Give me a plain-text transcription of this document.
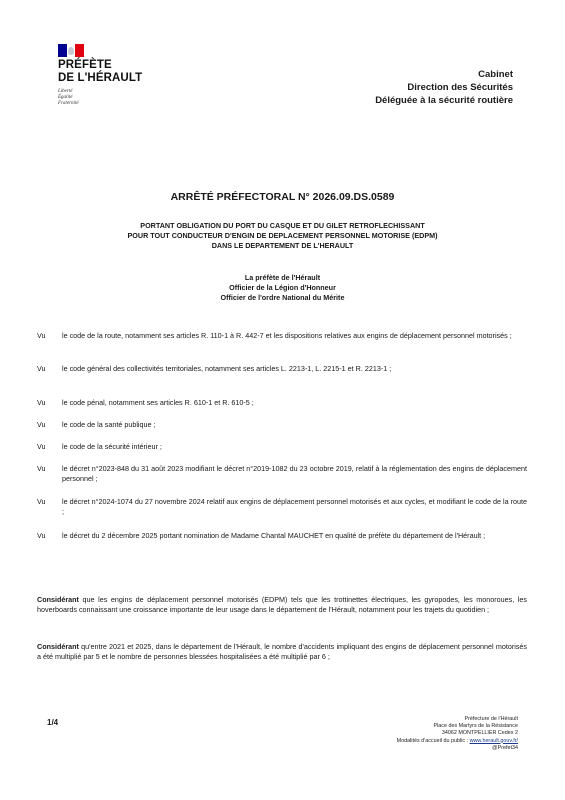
PRÉFÈTE
DE L'HÉRAULT
Liberté
Égalité
Fraternité
Cabinet
Direction des Sécurités
Déléguée à la sécurité routière
ARRÊTÉ PRÉFECTORAL N° 2026.09.DS.0589
PORTANT OBLIGATION DU PORT DU CASQUE ET DU GILET RETROFLECHISSANT
POUR TOUT CONDUCTEUR D'ENGIN DE DEPLACEMENT PERSONNEL MOTORISE (EDPM)
DANS LE DEPARTEMENT DE L'HERAULT
La préfète de l'Hérault
Officier de la Légion d'Honneur
Officier de l'ordre National du Mérite
Vu le code de la route, notamment ses articles R. 110-1 à R. 442-7 et les dispositions relatives aux engins de déplacement personnel motorisés ;
Vu le code général des collectivités territoriales, notamment ses articles L. 2213-1, L. 2215-1 et R. 2213-1 ;
Vu le code pénal, notamment ses articles R. 610-1 et R. 610-5 ;
Vu le code de la santé publique ;
Vu le code de la sécurité intérieur ;
Vu le décret n°2023-848 du 31 août 2023 modifiant le décret n°2019-1082 du 23 octobre 2019, relatif à la réglementation des engins de déplacement personnel ;
Vu le décret n°2024-1074 du 27 novembre 2024 relatif aux engins de déplacement personnel motorisés et aux cycles, et modifiant le code de la route ;
Vu le décret du 2 décembre 2025 portant nomination de Madame Chantal MAUCHET en qualité de préfète du département de l'Hérault ;
Considérant que les engins de déplacement personnel motorisés (EDPM) tels que les trottinettes électriques, les gyropodes, les monoroues, les hoverboards connaissant une croissance importante de leur usage dans le département de l'Hérault, notamment pour les trajets du quotidien ;
Considérant qu'entre 2021 et 2025, dans le département de l'Hérault, le nombre d'accidents impliquant des engins de déplacement personnel motorisés a été multiplié par 5 et le nombre de personnes blessées hospitalisées a été multiplié par 6 ;
1/4	Préfecture de l'Hérault
Place des Martyrs de la Résistance
34062 MONTPELLIER Cedex 2
Modalités d'accueil du public : www.herault.gouv.fr/
@Prefet34
